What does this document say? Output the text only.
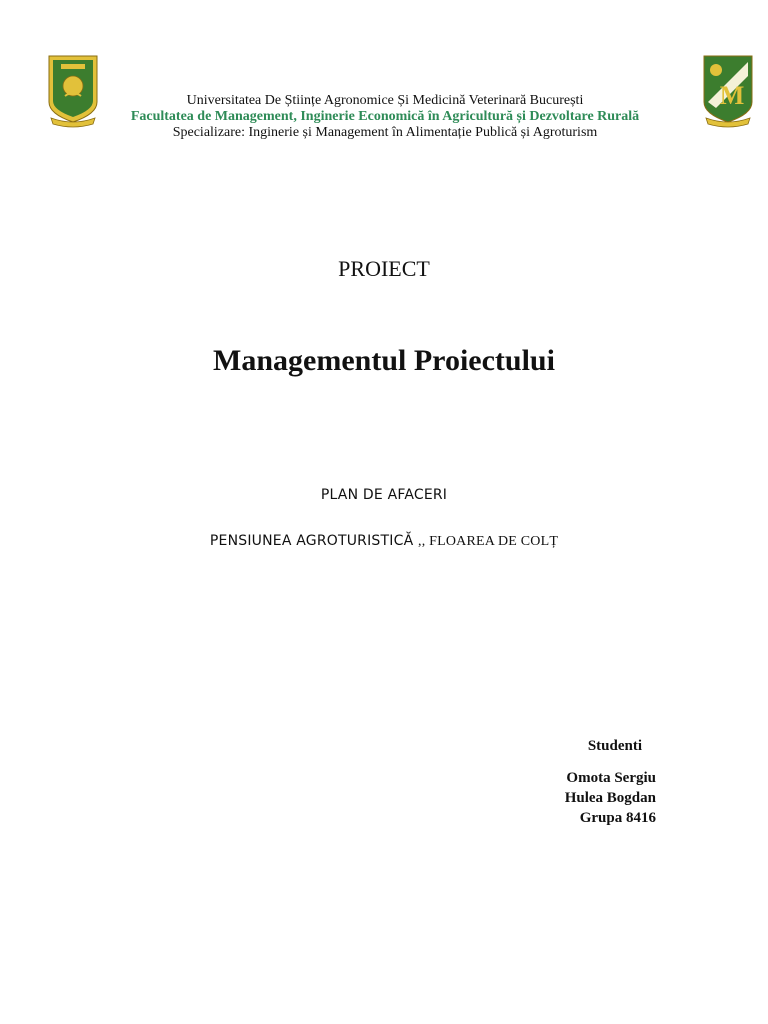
M
Universitatea De Științe Agronomice Și Medicină Veterinară București
Facultatea de Management, Inginerie Economică în Agricultură și Dezvoltare Rurală
Specializare: Inginerie și Management în Alimentație Publică și Agroturism
PROIECT
Managementul Proiectului
PLAN DE AFACERI
PENSIUNEA AGROTURISTICĂ ,, FLOAREA DE COLȚ
Studenti
Omota Sergiu
Hulea Bogdan
Grupa 8416
